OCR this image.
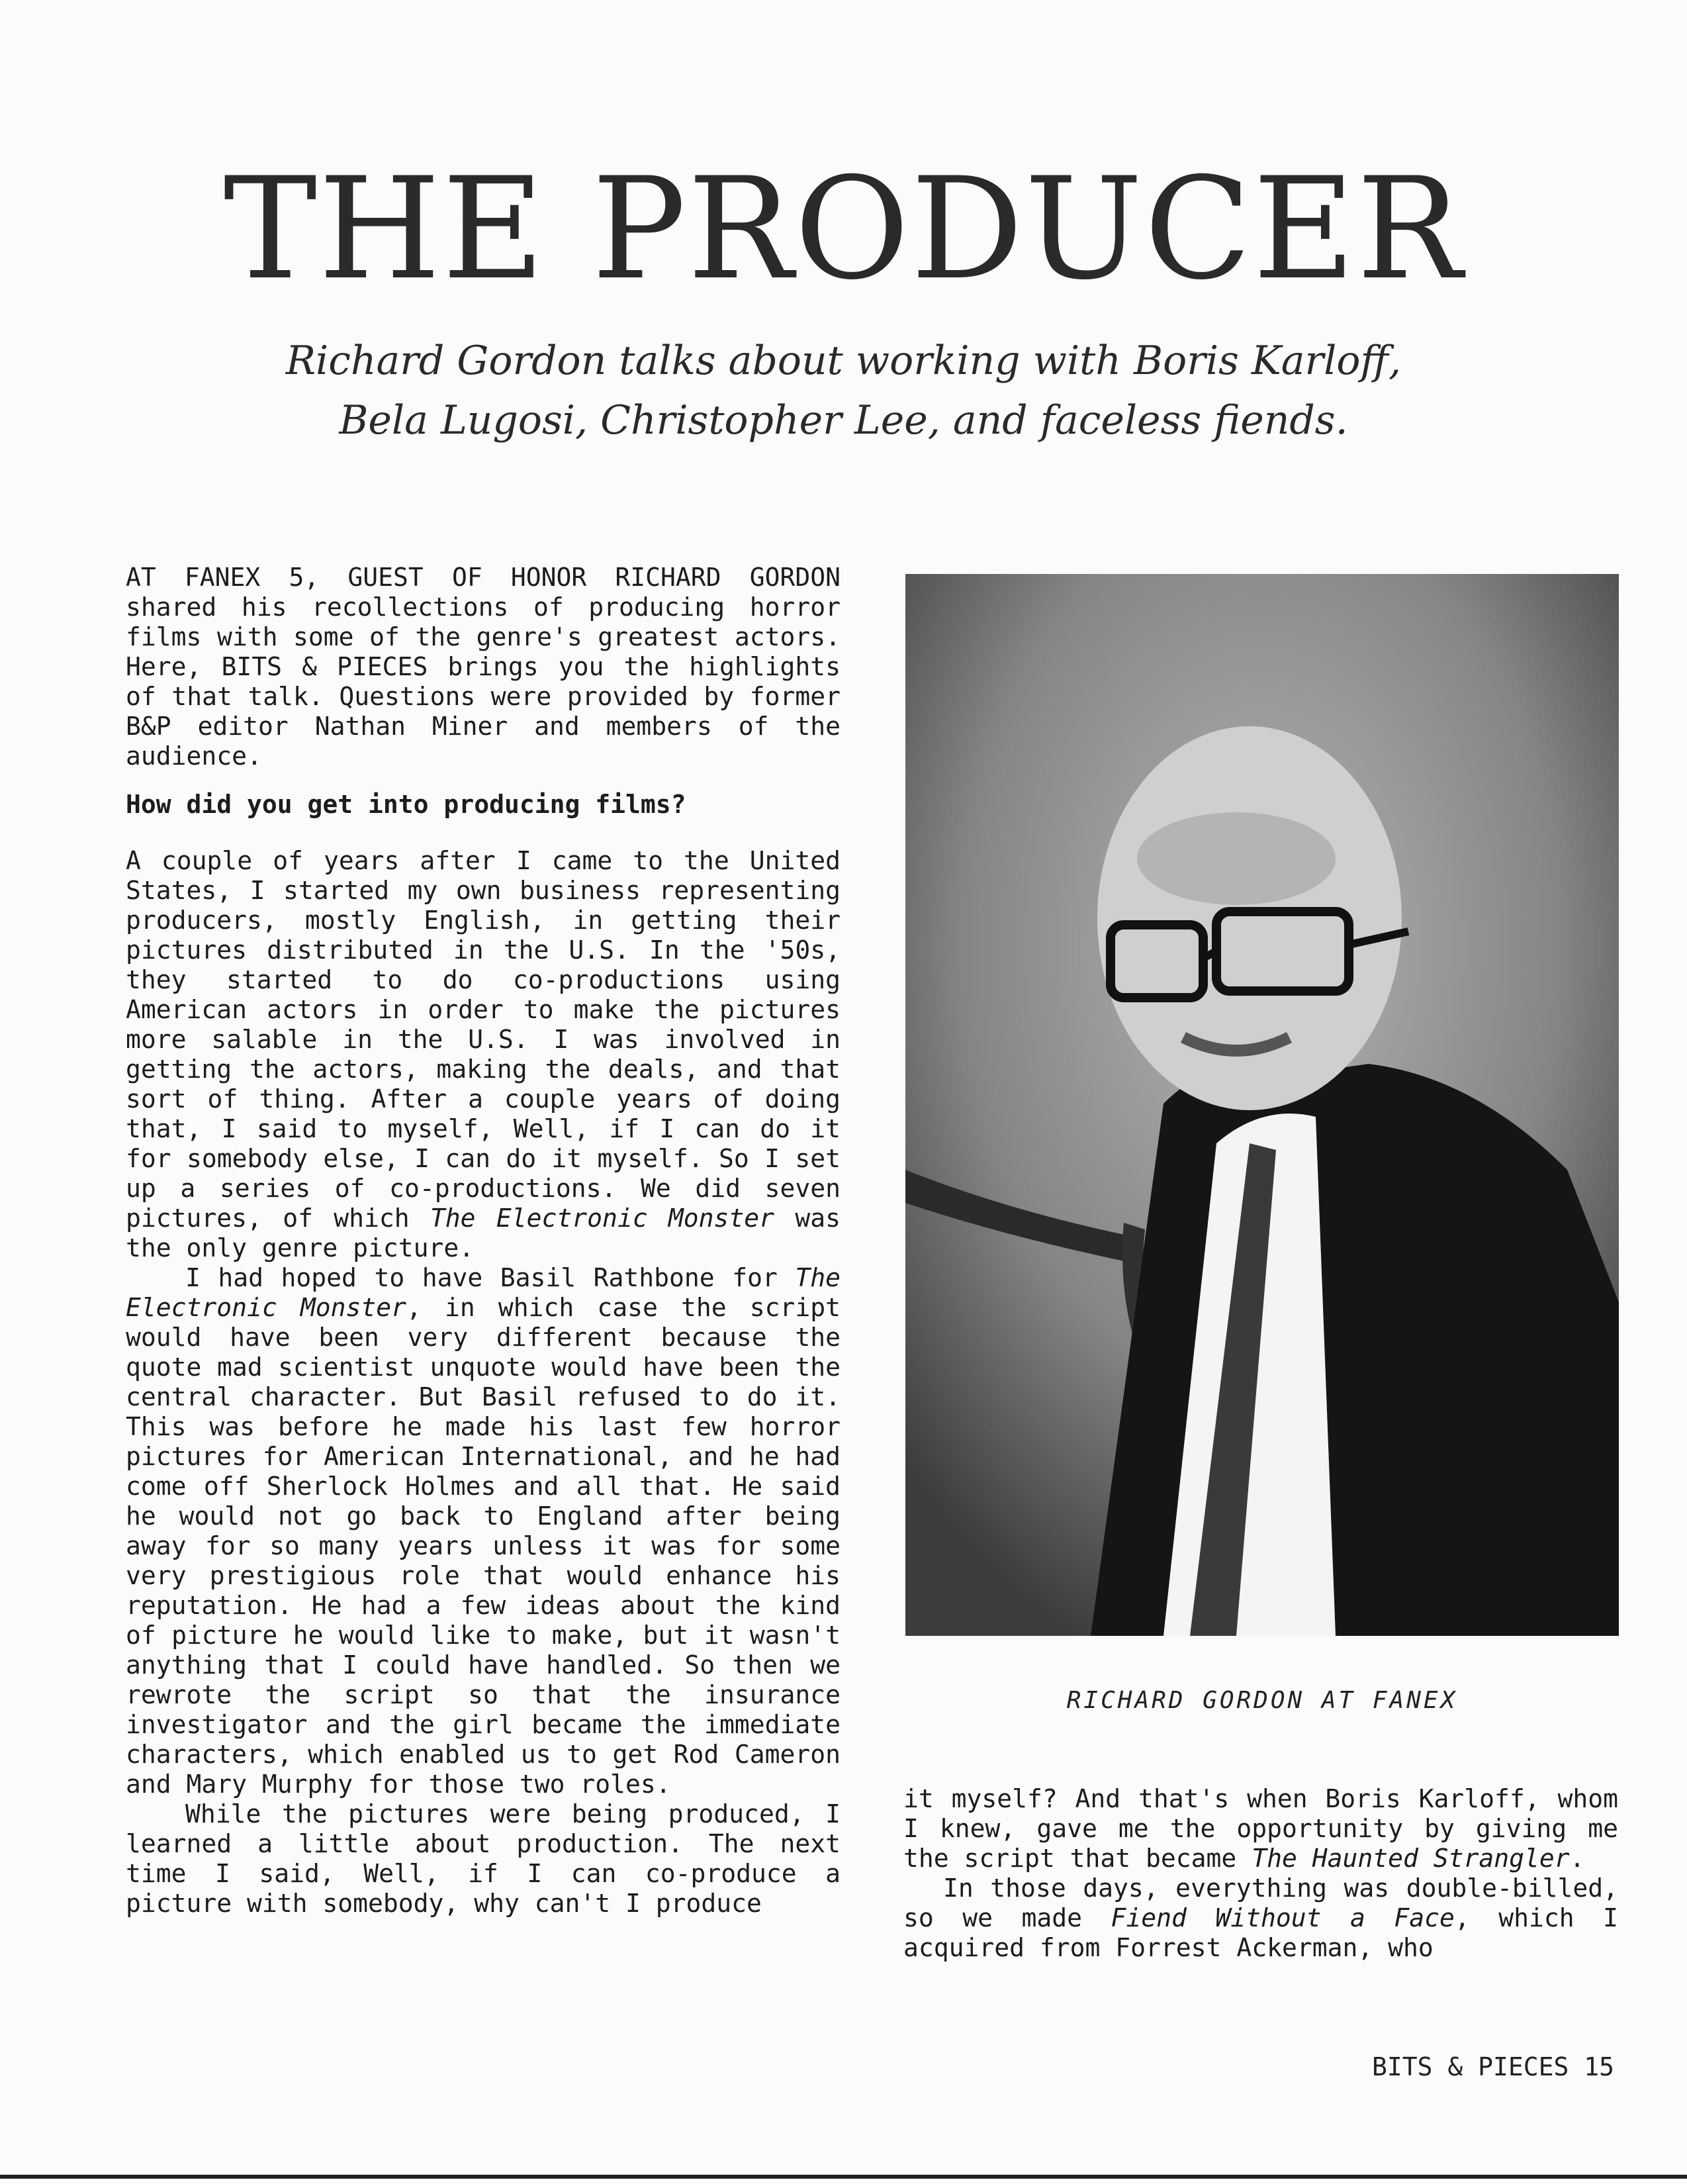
THE PRODUCER
Richard Gordon talks about working with Boris Karloff,
Bela Lugosi, Christopher Lee, and faceless fiends.

AT FANEX 5, GUEST OF HONOR RICHARD GORDON shared his recollections of producing horror films with some of the genre's greatest actors. Here, BITS & PIECES brings you the highlights of that talk. Questions were provided by former B&P editor Nathan Miner and members of the audience.

How did you get into producing films?

A couple of years after I came to the United States, I started my own business representing producers, mostly English, in getting their pictures distributed in the U.S. In the '50s, they started to do co-productions using American actors in order to make the pictures more salable in the U.S. I was involved in getting the actors, making the deals, and that sort of thing. After a couple years of doing that, I said to myself, Well, if I can do it for somebody else, I can do it myself. So I set up a series of co-productions. We did seven pictures, of which The Electronic Monster was the only genre picture.

I had hoped to have Basil Rathbone for The Electronic Monster, in which case the script would have been very different because the quote mad scientist unquote would have been the central character. But Basil refused to do it. This was before he made his last few horror pictures for American International, and he had come off Sherlock Holmes and all that. He said he would not go back to England after being away for so many years unless it was for some very prestigious role that would enhance his reputation. He had a few ideas about the kind of picture he would like to make, but it wasn't anything that I could have handled. So then we rewrote the script so that the insurance investigator and the girl became the immediate characters, which enabled us to get Rod Cameron and Mary Murphy for those two roles.

While the pictures were being produced, I learned a little about production. The next time I said, Well, if I can co-produce a picture with somebody, why can't I produce

RICHARD GORDON AT FANEX

it myself? And that's when Boris Karloff, whom I knew, gave me the opportunity by giving me the script that became The Haunted Strangler.

In those days, everything was double-billed, so we made Fiend Without a Face, which I acquired from Forrest Ackerman, who

BITS & PIECES 15
